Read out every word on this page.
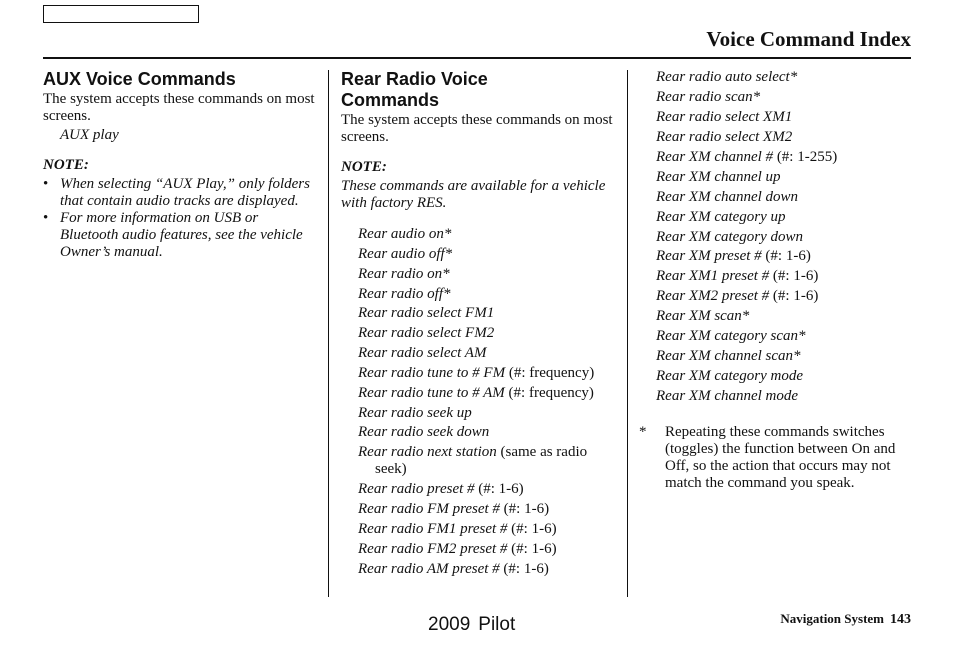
Voice Command Index
AUX Voice Commands

The system accepts these commands on most screens.

AUX play

NOTE:

• When selecting “AUX Play,” only folders that contain audio tracks are displayed.
• For more information on USB or Bluetooth audio features, see the vehicle Owner’s manual.
Rear Radio Voice
Commands

The system accepts these commands on most screens.

NOTE:

These commands are available for a vehicle with factory RES.

Rear audio on*
Rear audio off*
Rear radio on*
Rear radio off*
Rear radio select FM1
Rear radio select FM2
Rear radio select AM
Rear radio tune to # FM (#: frequency)
Rear radio tune to # AM (#: frequency)
Rear radio seek up
Rear radio seek down
Rear radio next station (same as radio seek)
Rear radio preset # (#: 1-6)
Rear radio FM preset # (#: 1-6)
Rear radio FM1 preset # (#: 1-6)
Rear radio FM2 preset # (#: 1-6)
Rear radio AM preset # (#: 1-6)
Rear radio auto select*
Rear radio scan*
Rear radio select XM1
Rear radio select XM2
Rear XM channel # (#: 1-255)
Rear XM channel up
Rear XM channel down
Rear XM category up
Rear XM category down
Rear XM preset # (#: 1-6)
Rear XM1 preset # (#: 1-6)
Rear XM2 preset # (#: 1-6)
Rear XM scan*
Rear XM category scan*
Rear XM channel scan*
Rear XM category mode
Rear XM channel mode

* Repeating these commands switches (toggles) the function between On and Off, so the action that occurs may not match the command you speak.

2009 Pilot	Navigation System 143
